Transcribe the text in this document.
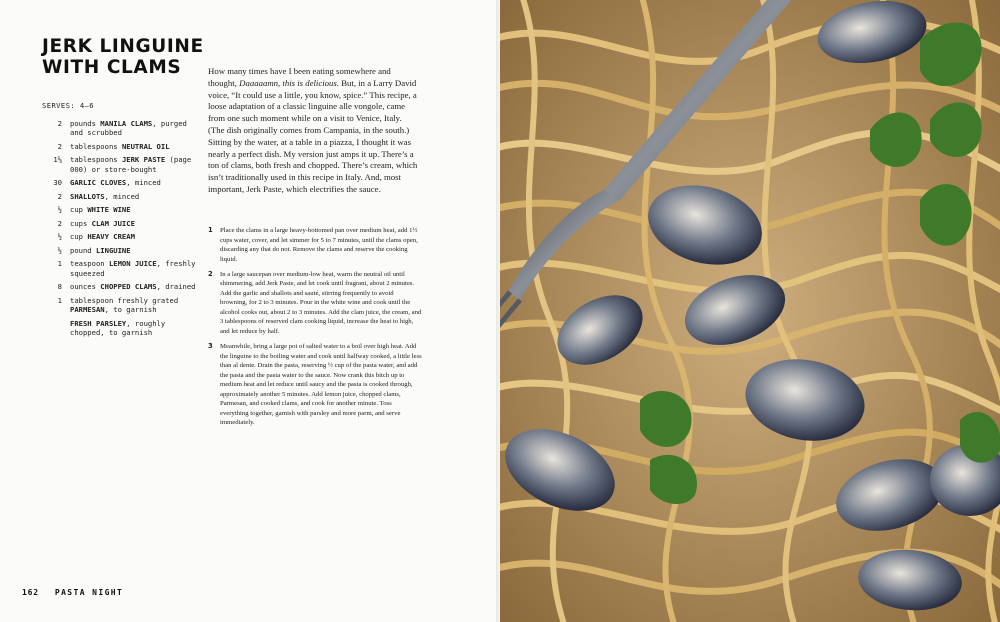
JERK LINGUINE WITH CLAMS
SERVES: 4–6
2	pounds MANILA CLAMS, purged and scrubbed
2	tablespoons NEUTRAL OIL
1⅓	tablespoons JERK PASTE (page 000) or store-bought
30	GARLIC CLOVES, minced
2	SHALLOTS, minced
½	cup WHITE WINE
2	cups CLAM JUICE
½	cup HEAVY CREAM
½	pound LINGUINE
1	teaspoon LEMON JUICE, freshly squeezed
8	ounces CHOPPED CLAMS, drained
1	tablespoon freshly grated PARMESAN, to garnish
FRESH PARSLEY, roughly chopped, to garnish

How many times have I been eating somewhere and thought, Daaaaamn, this is delicious. But, in a Larry David voice, “It could use a little, you know, spice.” This recipe, a loose adaptation of a classic linguine alle vongole, came from one such moment while on a visit to Venice, Italy. (The dish originally comes from Campania, in the south.) Sitting by the water, at a table in a piazza, I thought it was nearly a perfect dish. My version just amps it up. There’s a ton of clams, both fresh and chopped. There’s cream, which isn’t traditionally used in this recipe in Italy. And, most important, Jerk Paste, which electrifies the sauce.

1	Place the clams in a large heavy-bottomed pan over medium heat, add 1½ cups water, cover, and let simmer for 5 to 7 minutes, until the clams open, discarding any that do not. Remove the clams and reserve the cooking liquid.
2	In a large saucepan over medium-low heat, warm the neutral oil until shimmering, add Jerk Paste, and let cook until fragrant, about 2 minutes. Add the garlic and shallots and sauté, stirring frequently to avoid browning, for 2 to 3 minutes. Pour in the white wine and cook until the alcohol cooks out, about 2 to 3 minutes. Add the clam juice, the cream, and 3 tablespoons of reserved clam cooking liquid, increase the heat to high, and let reduce by half.
3	Meanwhile, bring a large pot of salted water to a boil over high heat. Add the linguine to the boiling water and cook until halfway cooked, a little less than al dente. Drain the pasta, reserving ½ cup of the pasta water, and add the pasta and the pasta water to the sauce. Now crank this bitch up to medium heat and let reduce until saucy and the pasta is cooked through, approximately another 5 minutes. Add lemon juice, chopped clams, Parmesan, and cooked clams, and cook for another minute. Toss everything together, garnish with parsley and more parm, and serve immediately.
162 PASTA NIGHT
